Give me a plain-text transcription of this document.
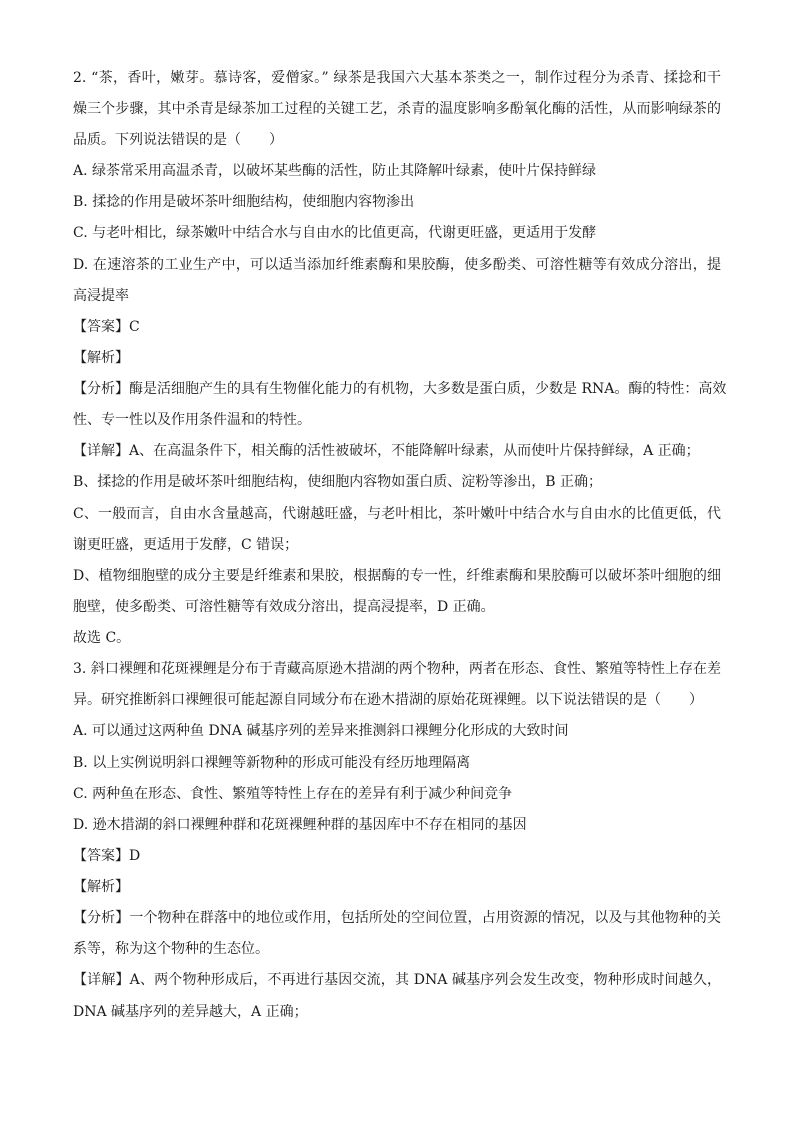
2. “茶，香叶，嫩芽。慕诗客，爱僧家。” 绿茶是我国六大基本茶类之一，制作过程分为杀青、揉捻和干
燥三个步骤，其中杀青是绿茶加工过程的关键工艺，杀青的温度影响多酚氧化酶的活性，从而影响绿茶的
品质。下列说法错误的是（　　）
A. 绿茶常采用高温杀青，以破坏某些酶的活性，防止其降解叶绿素，使叶片保持鲜绿
B. 揉捻的作用是破坏茶叶细胞结构，使细胞内容物渗出
C. 与老叶相比，绿茶嫩叶中结合水与自由水的比值更高，代谢更旺盛，更适用于发酵
D. 在速溶茶的工业生产中，可以适当添加纤维素酶和果胶酶，使多酚类、可溶性糖等有效成分溶出，提
高浸提率
【答案】C
【解析】
【分析】酶是活细胞产生的具有生物催化能力的有机物，大多数是蛋白质，少数是 RNA。酶的特性：高效
性、专一性以及作用条件温和的特性。
【详解】A、在高温条件下，相关酶的活性被破坏，不能降解叶绿素，从而使叶片保持鲜绿，A 正确；
B、揉捻的作用是破坏茶叶细胞结构，使细胞内容物如蛋白质、淀粉等渗出，B 正确；
C、一般而言，自由水含量越高，代谢越旺盛，与老叶相比，茶叶嫩叶中结合水与自由水的比值更低，代
谢更旺盛，更适用于发酵，C 错误；
D、植物细胞壁的成分主要是纤维素和果胶，根据酶的专一性，纤维素酶和果胶酶可以破坏茶叶细胞的细
胞壁，使多酚类、可溶性糖等有效成分溶出，提高浸提率，D 正确。
故选 C。
3. 斜口裸鲤和花斑裸鲤是分布于青藏高原逊木措湖的两个物种，两者在形态、食性、繁殖等特性上存在差
异。研究推断斜口裸鲤很可能起源自同域分布在逊木措湖的原始花斑裸鲤。以下说法错误的是（　　）
A. 可以通过这两种鱼 DNA 碱基序列的差异来推测斜口裸鲤分化形成的大致时间
B. 以上实例说明斜口裸鲤等新物种的形成可能没有经历地理隔离
C. 两种鱼在形态、食性、繁殖等特性上存在的差异有利于减少种间竞争
D. 逊木措湖的斜口裸鲤种群和花斑裸鲤种群的基因库中不存在相同的基因
【答案】D
【解析】
【分析】一个物种在群落中的地位或作用，包括所处的空间位置，占用资源的情况，以及与其他物种的关
系等，称为这个物种的生态位。
【详解】A、两个物种形成后，不再进行基因交流，其 DNA 碱基序列会发生改变，物种形成时间越久，
DNA 碱基序列的差异越大，A 正确；
